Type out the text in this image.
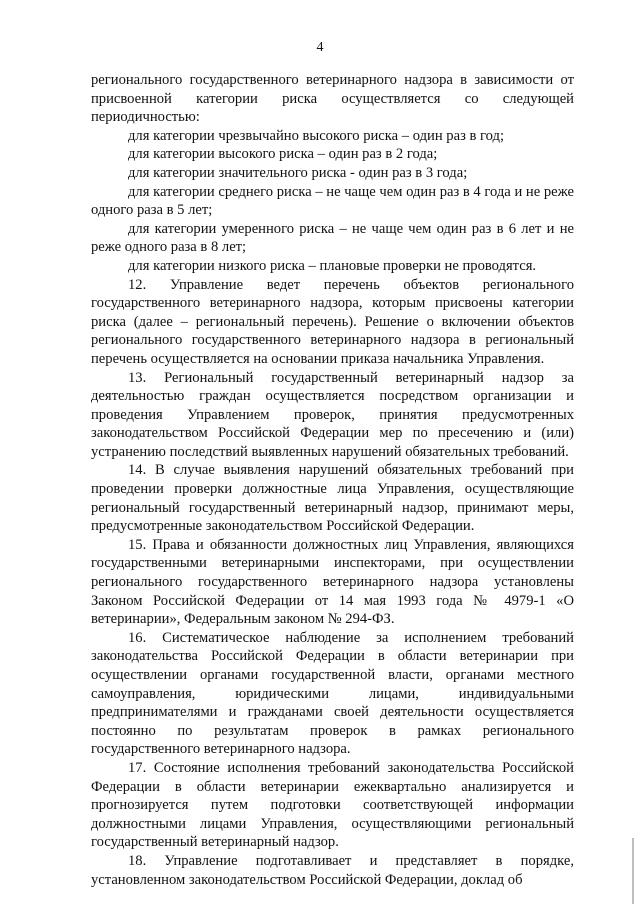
4

регионального государственного ветеринарного надзора в зависимости от присвоенной категории риска осуществляется со следующей периодичностью:

для категории чрезвычайно высокого риска – один раз в год;

для категории высокого риска – один раз в 2 года;

для категории значительного риска - один раз в 3 года;

для категории среднего риска – не чаще чем один раз в 4 года и не реже одного раза в 5 лет;

для категории умеренного риска – не чаще чем один раз в 6 лет и не реже одного раза в 8 лет;

для категории низкого риска – плановые проверки не проводятся.

12. Управление ведет перечень объектов регионального государственного ветеринарного надзора, которым присвоены категории риска (далее – региональный перечень). Решение о включении объектов регионального государственного ветеринарного надзора в региональный перечень осуществляется на основании приказа начальника Управления.

13. Региональный государственный ветеринарный надзор за деятельностью граждан осуществляется посредством организации и проведения Управлением проверок, принятия предусмотренных законодательством Российской Федерации мер по пресечению и (или) устранению последствий выявленных нарушений обязательных требований.

14. В случае выявления нарушений обязательных требований при проведении проверки должностные лица Управления, осуществляющие региональный государственный ветеринарный надзор, принимают меры, предусмотренные законодательством Российской Федерации.

15. Права и обязанности должностных лиц Управления, являющихся государственными ветеринарными инспекторами, при осуществлении регионального государственного ветеринарного надзора установлены Законом Российской Федерации от 14 мая 1993 года № 4979-1 «О ветеринарии», Федеральным законом № 294-ФЗ.

16. Систематическое наблюдение за исполнением требований законодательства Российской Федерации в области ветеринарии при осуществлении органами государственной власти, органами местного самоуправления, юридическими лицами, индивидуальными предпринимателями и гражданами своей деятельности осуществляется постоянно по результатам проверок в рамках регионального государственного ветеринарного надзора.

17. Состояние исполнения требований законодательства Российской Федерации в области ветеринарии ежеквартально анализируется и прогнозируется путем подготовки соответствующей информации должностными лицами Управления, осуществляющими региональный государственный ветеринарный надзор.

18. Управление подготавливает и представляет в порядке, установленном законодательством Российской Федерации, доклад об
